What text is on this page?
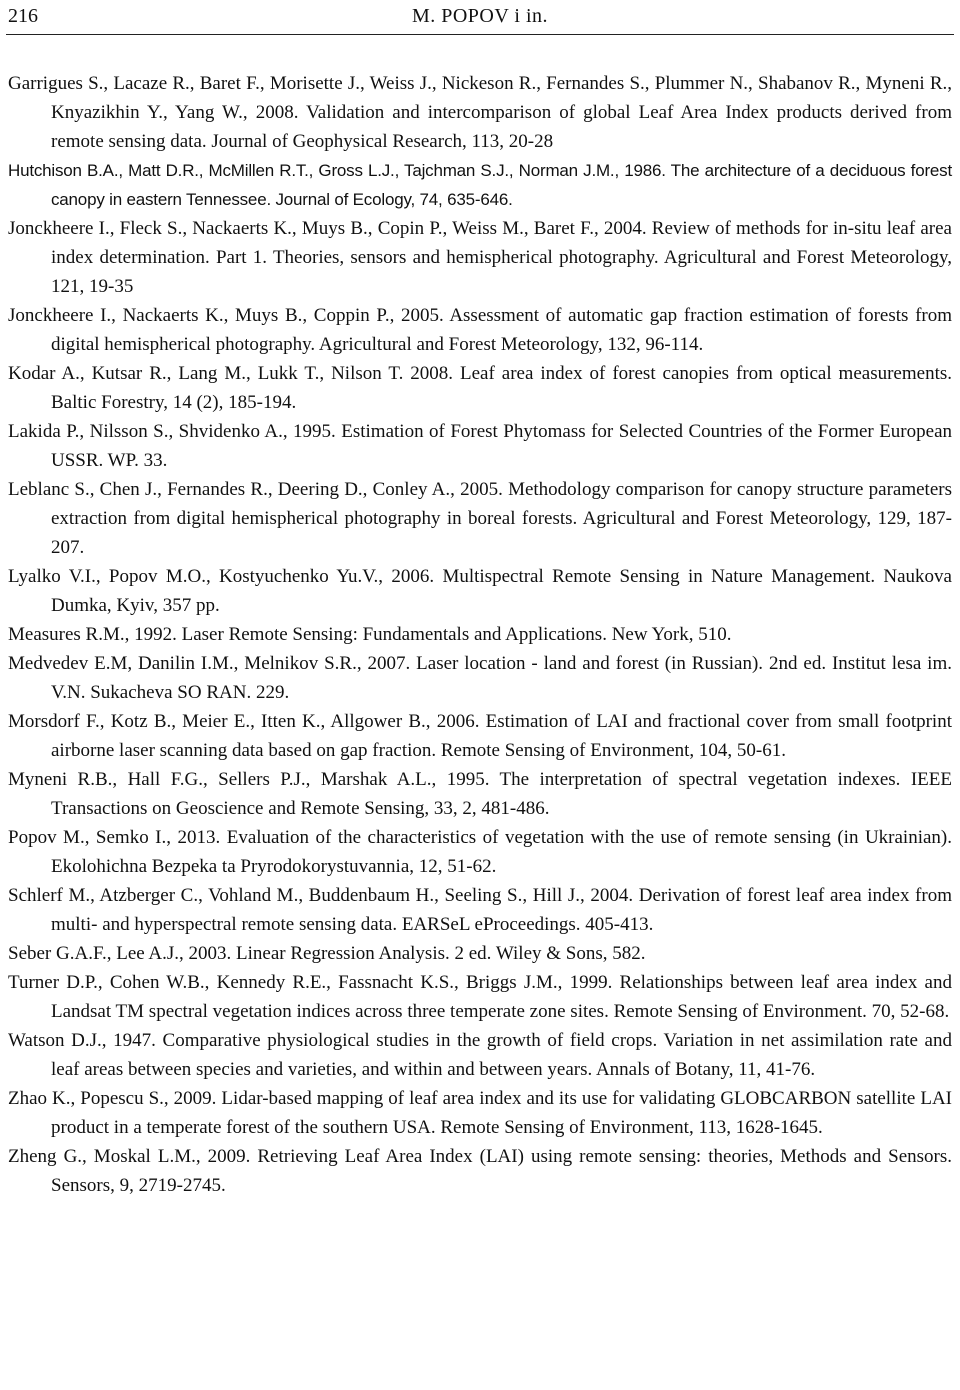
216	M. POPOV i in.

Garrigues S., Lacaze R., Baret F., Morisette J., Weiss J., Nickeson R., Fernandes S., Plummer N., Shabanov R., Myneni R., Knyazikhin Y., Yang W., 2008. Validation and intercomparison of global Leaf Area Index products derived from remote sensing data. Journal of Geophysical Research, 113, 20-28

Hutchison B.A., Matt D.R., McMillen R.T., Gross L.J., Tajchman S.J., Norman J.M., 1986. The architecture of a deciduous forest canopy in eastern Tennessee. Journal of Ecology, 74, 635-646.

Jonckheere I., Fleck S., Nackaerts K., Muys B., Copin P., Weiss M., Baret F., 2004. Review of methods for in-situ leaf area index determination. Part 1. Theories, sensors and hemispherical photography. Agricultural and Forest Meteorology, 121, 19-35

Jonckheere I., Nackaerts K., Muys B., Coppin P., 2005. Assessment of automatic gap fraction estimation of forests from digital hemispherical photography. Agricultural and Forest Meteorology, 132, 96-114.

Kodar A., Kutsar R., Lang M., Lukk T., Nilson T. 2008. Leaf area index of forest canopies from optical measurements. Baltic Forestry, 14 (2), 185-194.

Lakida P., Nilsson S., Shvidenko A., 1995. Estimation of Forest Phytomass for Selected Countries of the Former European USSR. WP. 33.

Leblanc S., Chen J., Fernandes R., Deering D., Conley A., 2005. Methodology comparison for canopy structure parameters extraction from digital hemispherical photography in boreal forests. Agricultural and Forest Meteorology, 129, 187-207.

Lyalko V.I., Popov M.O., Kostyuchenko Yu.V., 2006. Multispectral Remote Sensing in Nature Management. Naukova Dumka, Kyiv, 357 pp.

Measures R.M., 1992. Laser Remote Sensing: Fundamentals and Applications. New York, 510.

Medvedev E.M, Danilin I.M., Melnikov S.R., 2007. Laser location - land and forest (in Russian). 2nd ed. Institut lesa im. V.N. Sukacheva SO RAN. 229.

Morsdorf F., Kotz B., Meier E., Itten K., Allgower B., 2006. Estimation of LAI and fractional cover from small footprint airborne laser scanning data based on gap fraction. Remote Sensing of Environment, 104, 50-61.

Myneni R.B., Hall F.G., Sellers P.J., Marshak A.L., 1995. The interpretation of spectral vegetation indexes. IEEE Transactions on Geoscience and Remote Sensing, 33, 2, 481-486.

Popov M., Semko I., 2013. Evaluation of the characteristics of vegetation with the use of remote sensing (in Ukrainian). Ekolohichna Bezpeka ta Pryrodokorystuvannia, 12, 51-62.

Schlerf M., Atzberger C., Vohland M., Buddenbaum H., Seeling S., Hill J., 2004. Derivation of forest leaf area index from multi- and hyperspectral remote sensing data. EARSeL eProceedings. 405-413.

Seber G.A.F., Lee A.J., 2003. Linear Regression Analysis. 2 ed. Wiley & Sons, 582.

Turner D.P., Cohen W.B., Kennedy R.E., Fassnacht K.S., Briggs J.M., 1999. Relationships between leaf area index and Landsat TM spectral vegetation indices across three temperate zone sites. Remote Sensing of Environment. 70, 52-68.

Watson D.J., 1947. Comparative physiological studies in the growth of field crops. Variation in net assimilation rate and leaf areas between species and varieties, and within and between years. Annals of Botany, 11, 41-76.

Zhao K., Popescu S., 2009. Lidar-based mapping of leaf area index and its use for validating GLOBCARBON satellite LAI product in a temperate forest of the southern USA. Remote Sensing of Environment, 113, 1628-1645.

Zheng G., Moskal L.M., 2009. Retrieving Leaf Area Index (LAI) using remote sensing: theories, Methods and Sensors. Sensors, 9, 2719-2745.
